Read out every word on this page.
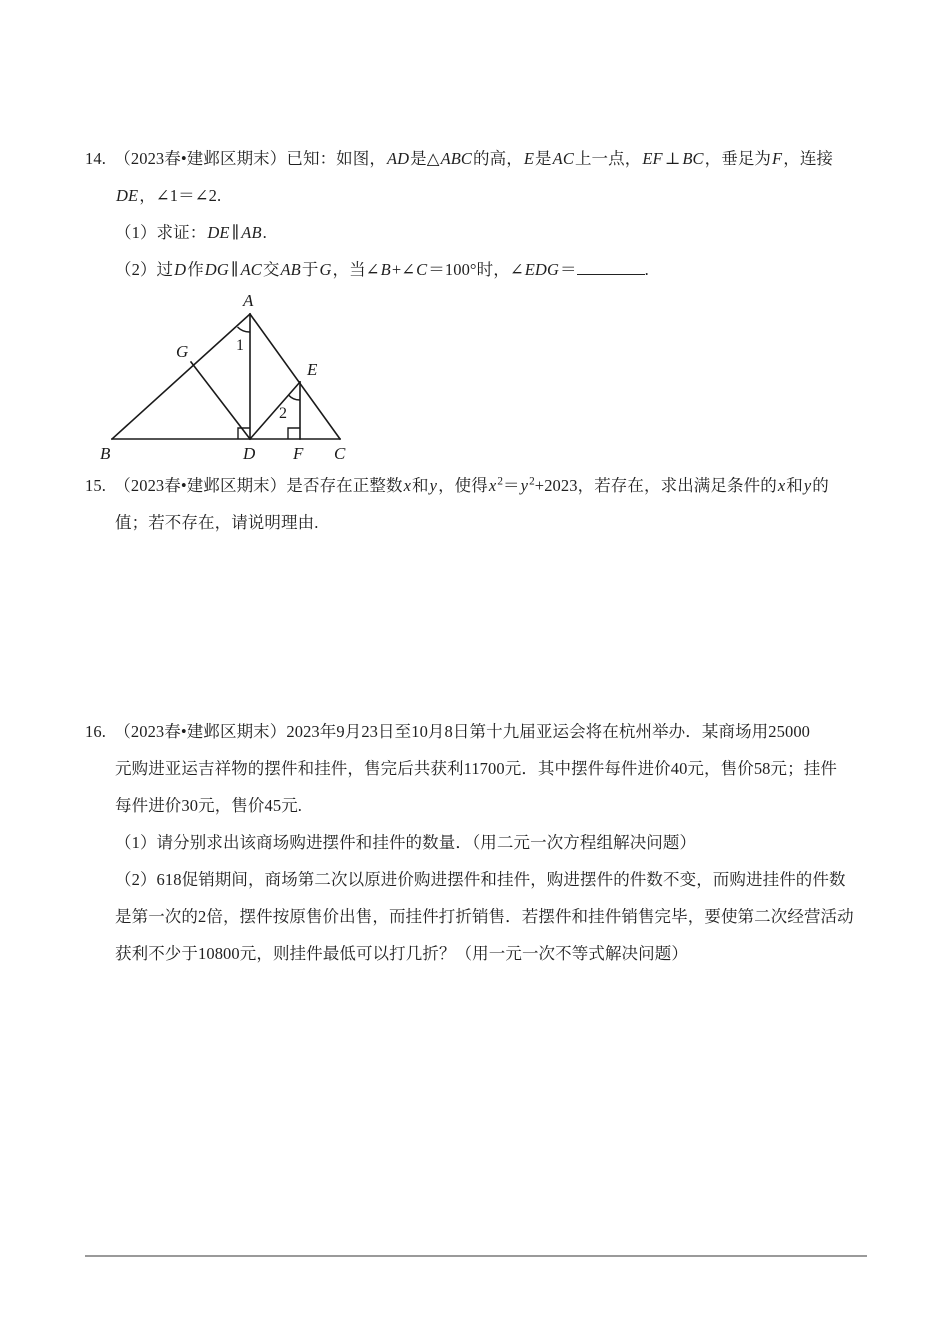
14.　（2023春•建邺区期末）已知：如图，AD是△ABC的高，E是AC上一点，EF ⊥ BC，垂足为F，连接
DE，∠1＝∠2.
（1）求证：DE ∥ AB.
（2）过D作DG ∥ AC交AB于G，当∠B+∠C＝100°时，∠EDG＝	.
A
B	C
D
E
F
G	1
2
15.　（2023春•建邺区期末）是否存在正整数x和y，使得$x^2=y^2+2023$，若存在，求出满足条件的x和y的
值；若不存在，请说明理由.
16.　（2023春•建邺区期末）2023年9月23日至10月8日第十九届亚运会将在杭州举办．某商场用25000
元购进亚运吉祥物的摆件和挂件，售完后共获利11700元．其中摆件每件进价40元，售价58元；挂件
每件进价30元，售价45元.
（1）请分别求出该商场购进摆件和挂件的数量．（用二元一次方程组解决问题）
（2）618促销期间，商场第二次以原进价购进摆件和挂件，购进摆件的件数不变，而购进挂件的件数
是第一次的2倍，摆件按原售价出售，而挂件打折销售．若摆件和挂件销售完毕，要使第二次经营活动
获利不少于10800元，则挂件最低可以打几折？（用一元一次不等式解决问题）
